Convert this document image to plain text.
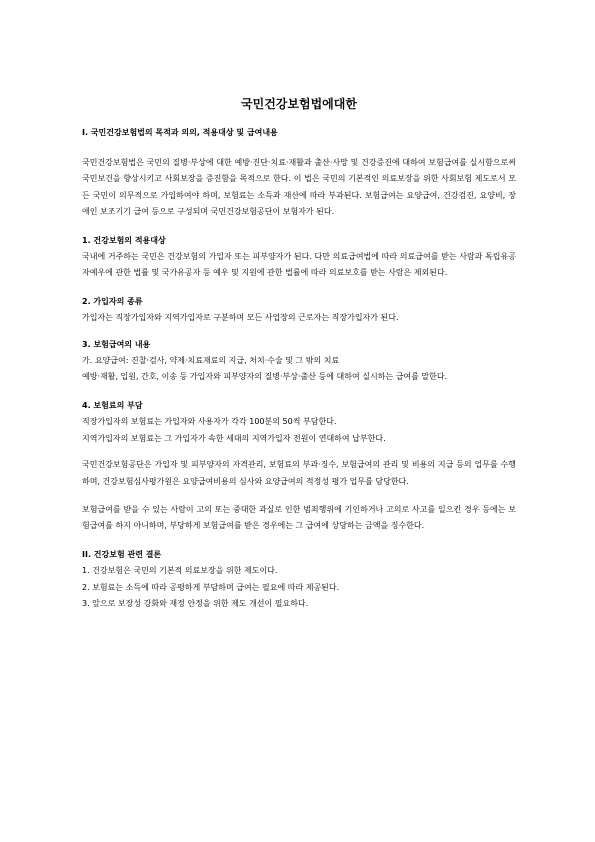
국민건강보험법에대한
I. 국민건강보험법의 목적과 의의, 적용대상 및 급여내용

국민건강보험법은 국민의 질병·부상에 대한 예방·진단·치료·재활과 출산·사망 및 건강증진에 대하여 보험급여를 실시함으로써 국민보건을 향상시키고 사회보장을 증진함을 목적으로 한다. 이 법은 국민의 기본적인 의료보장을 위한 사회보험 제도로서 모든 국민이 의무적으로 가입하여야 하며, 보험료는 소득과 재산에 따라 부과된다. 보험급여는 요양급여, 건강검진, 요양비, 장애인 보조기기 급여 등으로 구성되며 국민건강보험공단이 보험자가 된다.

1. 건강보험의 적용대상

국내에 거주하는 국민은 건강보험의 가입자 또는 피부양자가 된다. 다만 의료급여법에 따라 의료급여를 받는 사람과 독립유공자예우에 관한 법률 및 국가유공자 등 예우 및 지원에 관한 법률에 따라 의료보호를 받는 사람은 제외된다.

2. 가입자의 종류

가입자는 직장가입자와 지역가입자로 구분하며 모든 사업장의 근로자는 직장가입자가 된다.

3. 보험급여의 내용

가. 요양급여: 진찰·검사, 약제·치료재료의 지급, 처치·수술 및 그 밖의 치료

예방·재활, 입원, 간호, 이송 등 가입자와 피부양자의 질병·부상·출산 등에 대하여 실시하는 급여를 말한다.

4. 보험료의 부담

직장가입자의 보험료는 가입자와 사용자가 각각 100분의 50씩 부담한다.

지역가입자의 보험료는 그 가입자가 속한 세대의 지역가입자 전원이 연대하여 납부한다.

국민건강보험공단은 가입자 및 피부양자의 자격관리, 보험료의 부과·징수, 보험급여의 관리 및 비용의 지급 등의 업무를 수행하며, 건강보험심사평가원은 요양급여비용의 심사와 요양급여의 적정성 평가 업무를 담당한다.

보험급여를 받을 수 있는 사람이 고의 또는 중대한 과실로 인한 범죄행위에 기인하거나 고의로 사고를 일으킨 경우 등에는 보험급여를 하지 아니하며, 부당하게 보험급여를 받은 경우에는 그 급여에 상당하는 금액을 징수한다.

II. 건강보험 관련 결론

1. 건강보험은 국민의 기본적 의료보장을 위한 제도이다.

2. 보험료는 소득에 따라 공평하게 부담하며 급여는 필요에 따라 제공된다.

3. 앞으로 보장성 강화와 재정 안정을 위한 제도 개선이 필요하다.
